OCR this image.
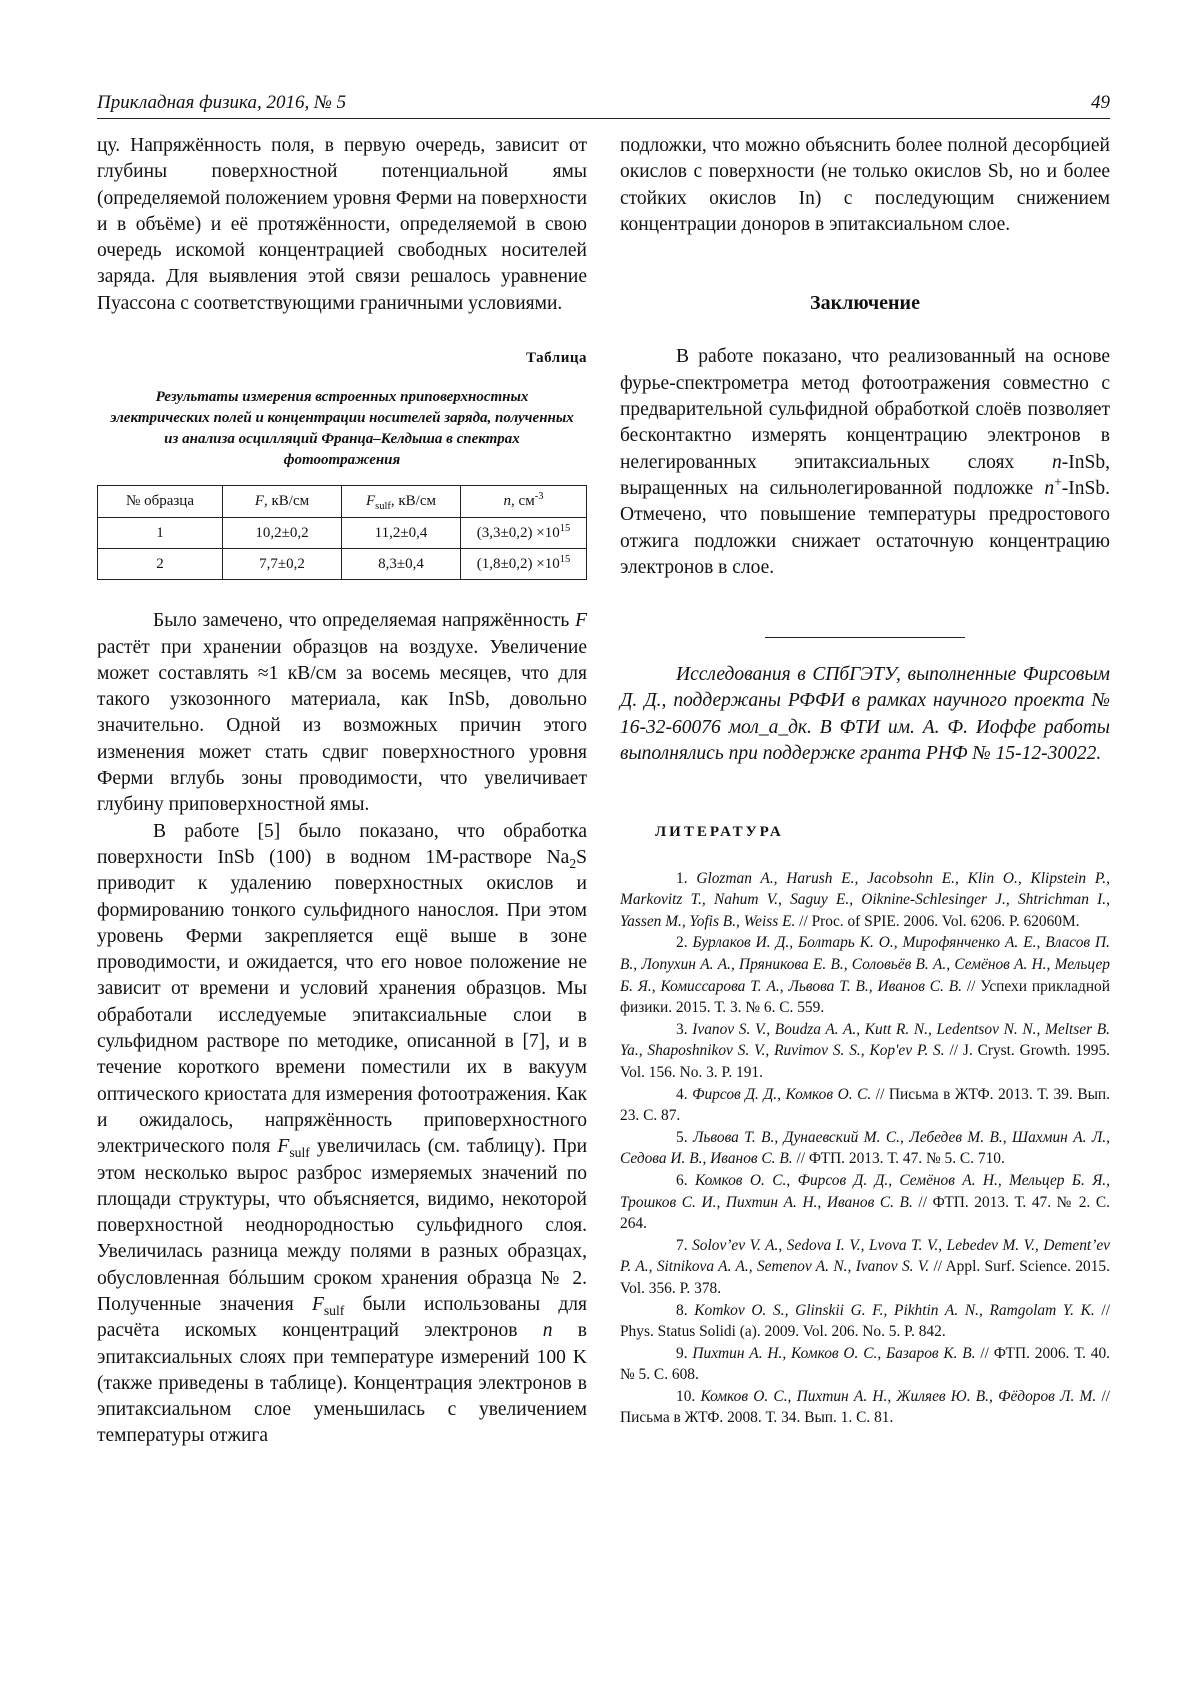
Прикладная физика, 2016, № 5	49

цу. Напряжённость поля, в первую очередь, зависит от глубины поверхностной потенциальной ямы (определяемой положением уровня Ферми на поверхности и в объёме) и её протяжённости, определяемой в свою очередь искомой концентрацией свободных носителей заряда. Для выявления этой связи решалось уравнение Пуассона с соответствующими граничными условиями.

Таблица
Результаты измерения встроенных приповерхностных электрических полей и концентрации носителей заряда, полученных из анализа осцилляций Франца–Келдыша в спектрах фотоотражения
№ образца	F, кВ/см	$F_{sulf}$, кВ/см	n, $см^{-3}$
1	10,2±0,2	11,2±0,4	$(3,3\pm 0,2) \times 10^{15}$
2	7,7±0,2	8,3±0,4	$(1,8\pm 0,2) \times 10^{15}$

Было замечено, что определяемая напряжённость F растёт при хранении образцов на воздухе. Увеличение может составлять ≈1 кВ/см за восемь месяцев, что для такого узкозонного материала, как InSb, довольно значительно. Одной из возможных причин этого изменения может стать сдвиг поверхностного уровня Ферми вглубь зоны проводимости, что увеличивает глубину приповерхностной ямы.

В работе [5] было показано, что обработка поверхности InSb (100) в водном 1М-растворе $Na_2S$ приводит к удалению поверхностных окислов и формированию тонкого сульфидного нанослоя. При этом уровень Ферми закрепляется ещё выше в зоне проводимости, и ожидается, что его новое положение не зависит от времени и условий хранения образцов. Мы обработали исследуемые эпитаксиальные слои в сульфидном растворе по методике, описанной в [7], и в течение короткого времени поместили их в вакуум оптического криостата для измерения фотоотражения. Как и ожидалось, напряжённость приповерхностного электрического поля $F_{sulf}$ увеличилась (см. таблицу). При этом несколько вырос разброс измеряемых значений по площади структуры, что объясняется, видимо, некоторой поверхностной неоднородностью сульфидного слоя. Увеличилась разница между полями в разных образцах, обусловленная бóльшим сроком хранения образца № 2. Полученные значения $F_{sulf}$ были использованы для расчёта искомых концентраций электронов n в эпитаксиальных слоях при температуре измерений 100 K (также приведены в таблице). Концентрация электронов в эпитаксиальном слое уменьшилась с увеличением температуры отжига

подложки, что можно объяснить более полной десорбцией окислов с поверхности (не только окислов Sb, но и более стойких окислов In) с последующим снижением концентрации доноров в эпитаксиальном слое.

Заключение

В работе показано, что реализованный на основе фурье-спектрометра метод фотоотражения совместно с предварительной сульфидной обработкой слоёв позволяет бесконтактно измерять концентрацию электронов в нелегированных эпитаксиальных слоях n-InSb, выращенных на сильнолегированной подложке n+-InSb. Отмечено, что повышение температуры предростового отжига подложки снижает остаточную концентрацию электронов в слое.

Исследования в СПбГЭТУ, выполненные Фирсовым Д. Д., поддержаны РФФИ в рамках научного проекта № 16-32-60076 мол_а_дк. В ФТИ им. А. Ф. Иоффе работы выполнялись при поддержке гранта РНФ № 15-12-30022.

ЛИТЕРАТУРА

1. Glozman A., Harush E., Jacobsohn E., Klin O., Klipstein P., Markovitz T., Nahum V., Saguy E., Oiknine-Schlesinger J., Shtrichman I., Yassen M., Yofis B., Weiss E. // Proc. of SPIE. 2006. Vol. 6206. P. 62060M.

2. Бурлаков И. Д., Болтарь К. О., Мирофянченко А. Е., Власов П. В., Лопухин А. А., Пряникова Е. В., Соловьёв В. А., Семёнов А. Н., Мельцер Б. Я., Комиссарова Т. А., Львова Т. В., Иванов С. В. // Успехи прикладной физики. 2015. Т. 3. № 6. С. 559.

3. Ivanov S. V., Boudza A. A., Kutt R. N., Ledentsov N. N., Meltser B. Ya., Shaposhnikov S. V., Ruvimov S. S., Kop'ev P. S. // J. Cryst. Growth. 1995. Vol. 156. No. 3. P. 191.

4. Фирсов Д. Д., Комков О. С. // Письма в ЖТФ. 2013. Т. 39. Вып. 23. С. 87.

5. Львова Т. В., Дунаевский М. С., Лебедев М. В., Шахмин А. Л., Седова И. В., Иванов С. В. // ФТП. 2013. Т. 47. № 5. С. 710.

6. Комков О. С., Фирсов Д. Д., Семёнов А. Н., Мельцер Б. Я., Трошков С. И., Пихтин А. Н., Иванов С. В. // ФТП. 2013. Т. 47. № 2. С. 264.

7. Solov’ev V. A., Sedova I. V., Lvova T. V., Lebedev M. V., Dement’ev P. A., Sitnikova A. A., Semenov A. N., Ivanov S. V. // Appl. Surf. Science. 2015. Vol. 356. P. 378.

8. Komkov O. S., Glinskii G. F., Pikhtin A. N., Ramgolam Y. K. // Phys. Status Solidi (a). 2009. Vol. 206. No. 5. P. 842.

9. Пихтин А. Н., Комков О. С., Базаров К. В. // ФТП. 2006. Т. 40. № 5. С. 608.

10. Комков О. С., Пихтин А. Н., Жиляев Ю. В., Фёдоров Л. М. // Письма в ЖТФ. 2008. Т. 34. Вып. 1. С. 81.
